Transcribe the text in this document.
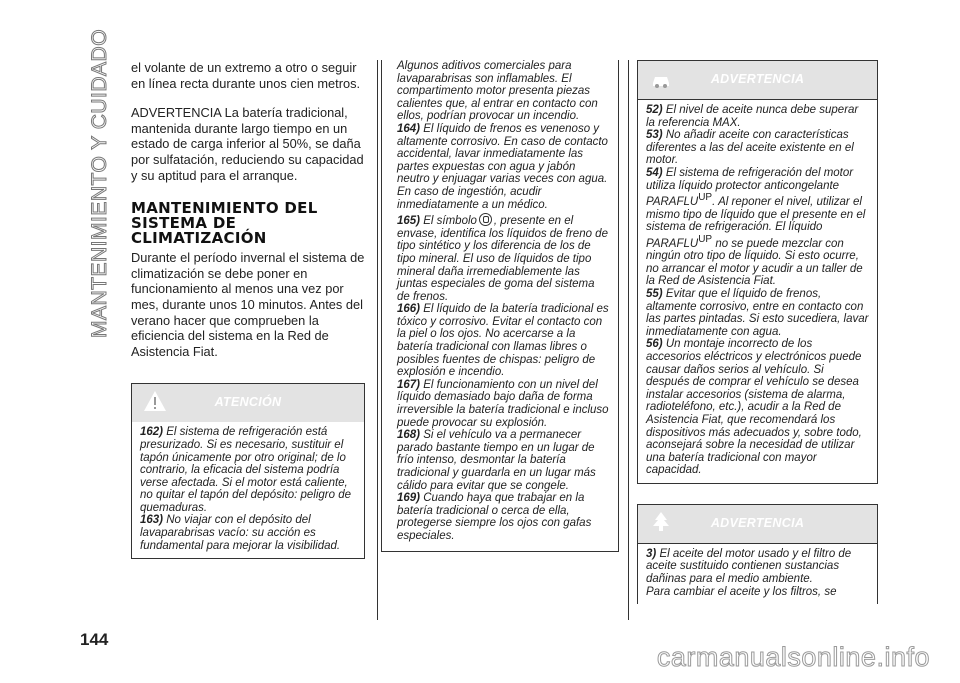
MANTENIMIENTO Y CUIDADO
144

el volante de un extremo a otro o seguir en línea recta durante unos cien metros.

ADVERTENCIA La batería tradicional, mantenida durante largo tiempo en un estado de carga inferior al 50%, se daña por sulfatación, reduciendo su capacidad y su aptitud para el arranque.

MANTENIMIENTO DEL SISTEMA DE CLIMATIZACIÓN

Durante el período invernal el sistema de climatización se debe poner en funcionamiento al menos una vez por mes, durante unos 10 minutos. Antes del verano hacer que comprueben la eficiencia del sistema en la Red de Asistencia Fiat.

ATENCIÓN

162) El sistema de refrigeración está presurizado. Si es necesario, sustituir el tapón únicamente por otro original; de lo contrario, la eficacia del sistema podría verse afectada. Si el motor está caliente, no quitar el tapón del depósito: peligro de quemaduras.

163) No viajar con el depósito del lavaparabrisas vacío: su acción es fundamental para mejorar la visibilidad.

Algunos aditivos comerciales para lavaparabrisas son inflamables. El compartimento motor presenta piezas calientes que, al entrar en contacto con ellos, podrían provocar un incendio.

164) El líquido de frenos es venenoso y altamente corrosivo. En caso de contacto accidental, lavar inmediatamente las partes expuestas con agua y jabón neutro y enjuagar varias veces con agua. En caso de ingestión, acudir inmediatamente a un médico.

165) El símbolo , presente en el envase, identifica los líquidos de freno de tipo sintético y los diferencia de los de tipo mineral. El uso de líquidos de tipo mineral daña irremediablemente las juntas especiales de goma del sistema de frenos.

166) El líquido de la batería tradicional es tóxico y corrosivo. Evitar el contacto con la piel o los ojos. No acercarse a la batería tradicional con llamas libres o posibles fuentes de chispas: peligro de explosión e incendio.

167) El funcionamiento con un nivel del líquido demasiado bajo daña de forma irreversible la batería tradicional e incluso puede provocar su explosión.

168) Si el vehículo va a permanecer parado bastante tiempo en un lugar de frío intenso, desmontar la batería tradicional y guardarla en un lugar más cálido para evitar que se congele.

169) Cuando haya que trabajar en la batería tradicional o cerca de ella, protegerse siempre los ojos con gafas especiales.

ADVERTENCIA

52) El nivel de aceite nunca debe superar la referencia MAX.

53) No añadir aceite con características diferentes a las del aceite existente en el motor.

54) El sistema de refrigeración del motor utiliza líquido protector anticongelante PARAFLUUP. Al reponer el nivel, utilizar el mismo tipo de líquido que el presente en el sistema de refrigeración. El líquido PARAFLUUP no se puede mezclar con ningún otro tipo de líquido. Si esto ocurre, no arrancar el motor y acudir a un taller de la Red de Asistencia Fiat.

55) Evitar que el líquido de frenos, altamente corrosivo, entre en contacto con las partes pintadas. Si esto sucediera, lavar inmediatamente con agua.

56) Un montaje incorrecto de los accesorios eléctricos y electrónicos puede causar daños serios al vehículo. Si después de comprar el vehículo se desea instalar accesorios (sistema de alarma, radioteléfono, etc.), acudir a la Red de Asistencia Fiat, que recomendará los dispositivos más adecuados y, sobre todo, aconsejará sobre la necesidad de utilizar una batería tradicional con mayor capacidad.

ADVERTENCIA

3) El aceite del motor usado y el filtro de aceite sustituido contienen sustancias dañinas para el medio ambiente.

Para cambiar el aceite y los filtros, se

carmanualsonline.info
